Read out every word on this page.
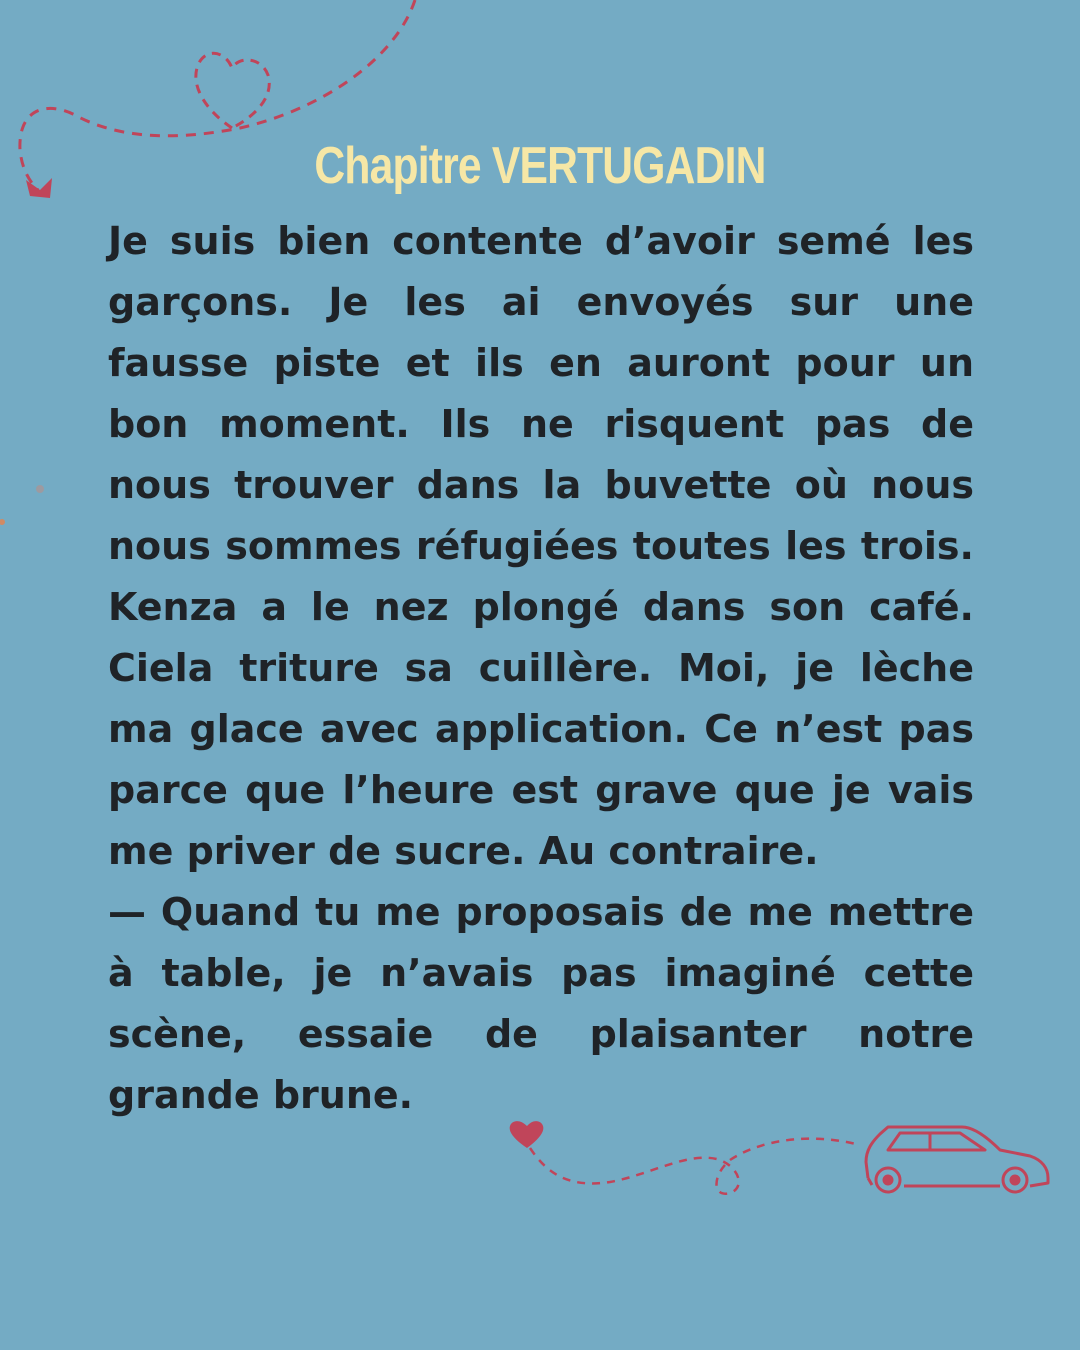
Chapitre VERTUGADIN

Je suis bien contente d’avoir semé les garçons. Je les ai envoyés sur une fausse piste et ils en auront pour un bon moment. Ils ne risquent pas de nous trouver dans la buvette où nous nous sommes réfugiées toutes les trois. Kenza a le nez plongé dans son café. Ciela triture sa cuillère. Moi, je lèche ma glace avec application. Ce n’est pas parce que l’heure est grave que je vais me priver de sucre. Au contraire.

— Quand tu me proposais de me mettre à table, je n’avais pas imaginé cette scène, essaie de plaisanter notre grande brune.
